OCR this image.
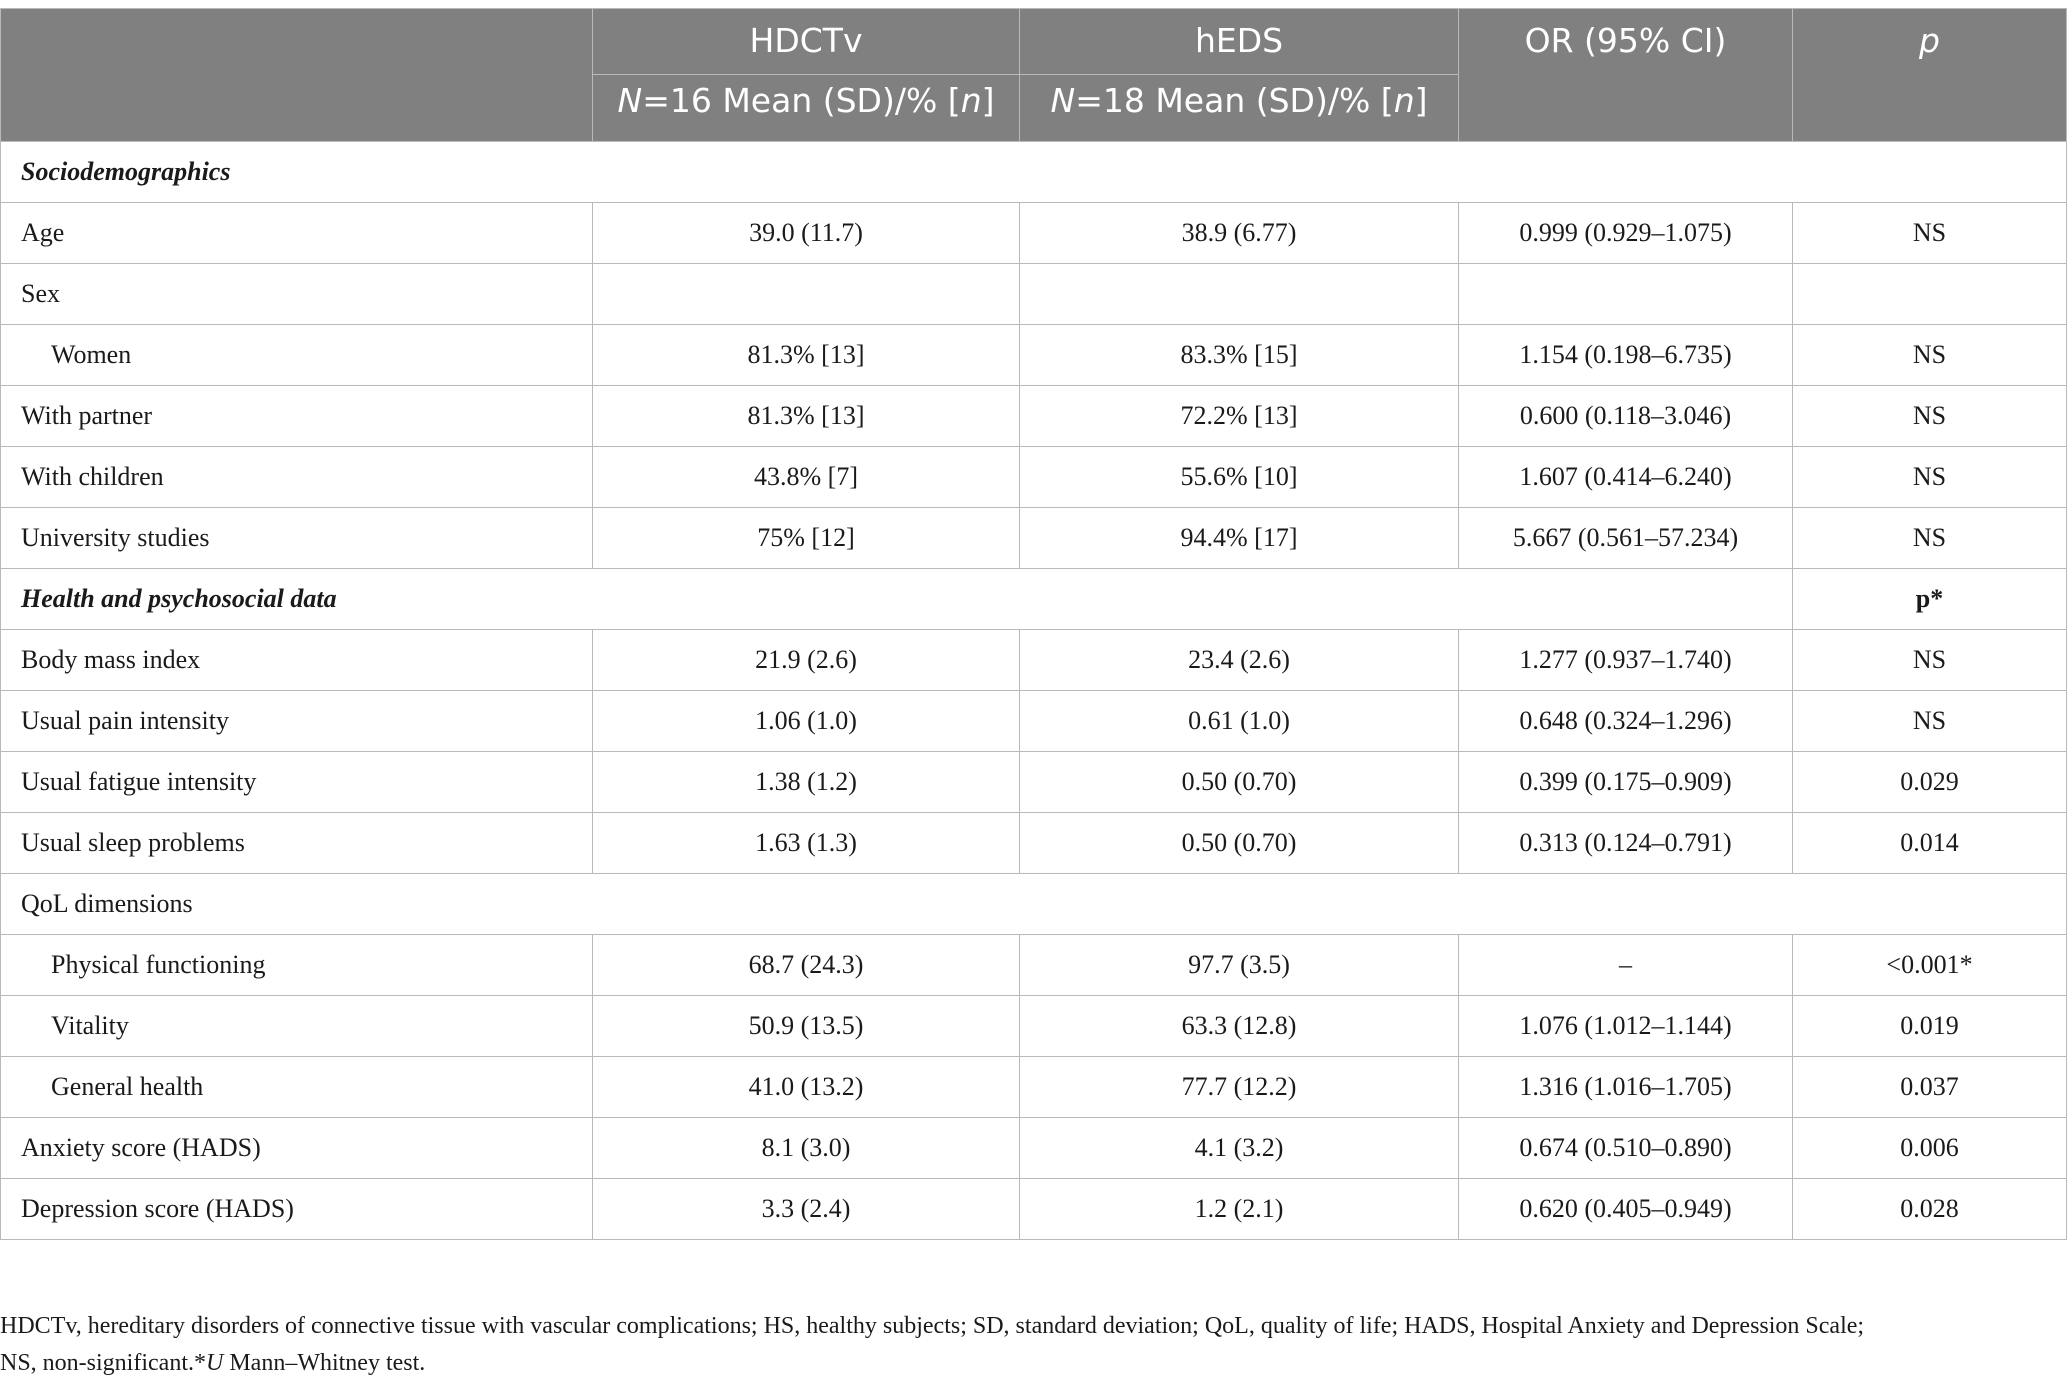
	HDCTv	hEDS	OR (95% CI)	p
	N=16 Mean (SD)/% [n]	N=18 Mean (SD)/% [n]		
Sociodemographics				
Age	39.0 (11.7)	38.9 (6.77)	0.999 (0.929–1.075)	NS
Sex				
Women	81.3% [13]	83.3% [15]	1.154 (0.198–6.735)	NS
With partner	81.3% [13]	72.2% [13]	0.600 (0.118–3.046)	NS
With children	43.8% [7]	55.6% [10]	1.607 (0.414–6.240)	NS
University studies	75% [12]	94.4% [17]	5.667 (0.561–57.234)	NS
Health and psychosocial data				p*
Body mass index	21.9 (2.6)	23.4 (2.6)	1.277 (0.937–1.740)	NS
Usual pain intensity	1.06 (1.0)	0.61 (1.0)	0.648 (0.324–1.296)	NS
Usual fatigue intensity	1.38 (1.2)	0.50 (0.70)	0.399 (0.175–0.909)	0.029
Usual sleep problems	1.63 (1.3)	0.50 (0.70)	0.313 (0.124–0.791)	0.014
QoL dimensions				
Physical functioning	68.7 (24.3)	97.7 (3.5)	–	<0.001*
Vitality	50.9 (13.5)	63.3 (12.8)	1.076 (1.012–1.144)	0.019
General health	41.0 (13.2)	77.7 (12.2)	1.316 (1.016–1.705)	0.037
Anxiety score (HADS)	8.1 (3.0)	4.1 (3.2)	0.674 (0.510–0.890)	0.006
Depression score (HADS)	3.3 (2.4)	1.2 (2.1)	0.620 (0.405–0.949)	0.028
HDCTv, hereditary disorders of connective tissue with vascular complications; HS, healthy subjects; SD, standard deviation; QoL, quality of life; HADS, Hospital Anxiety and Depression Scale;
NS, non-significant.*U Mann–Whitney test.
